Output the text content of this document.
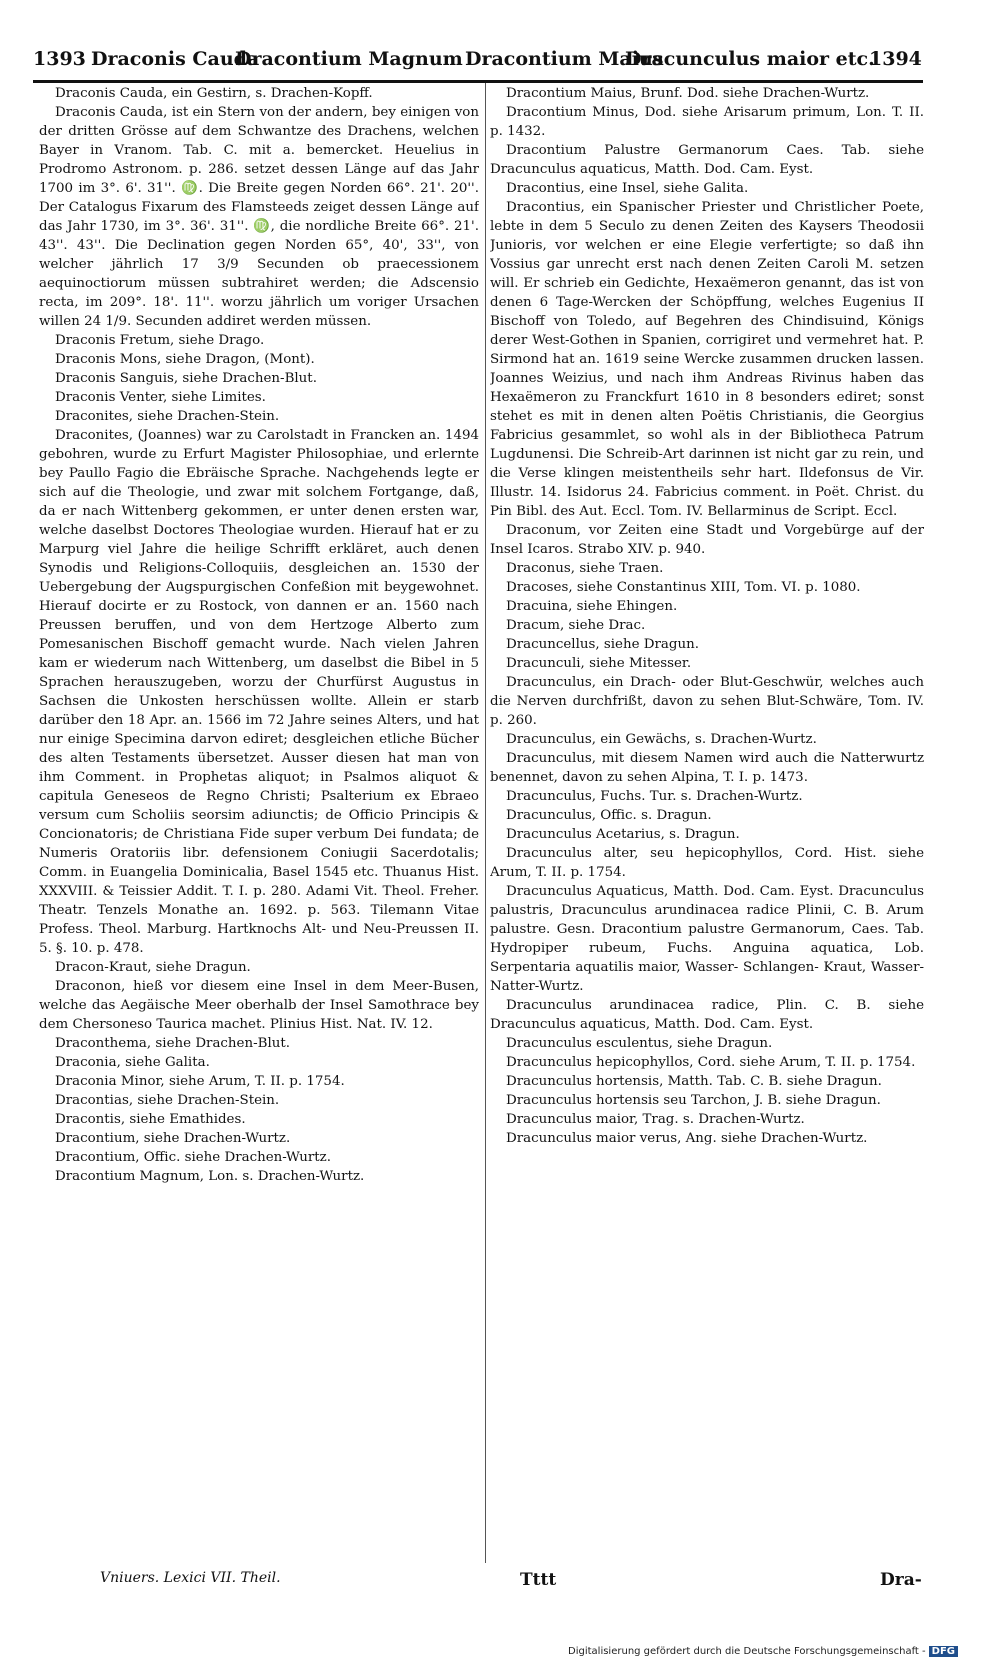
1393 Draconis Cauda
Dracontium Magnum Dracontium Maius
Dracunculus maior etc.
1394

Draconis Cauda, ein Gestirn, s. Drachen-Kopff.

Draconis Cauda, ist ein Stern von der andern, bey einigen von der dritten Grösse auf dem Schwantze des Drachens, welchen Bayer in Vranom. Tab. C. mit a. bemercket. Heuelius in Prodromo Astronom. p. 286. setzet dessen Länge auf das Jahr 1700 im 3°. 6'. 31''. ♍. Die Breite gegen Norden 66°. 21'. 20''. Der Catalogus Fixarum des Flamsteeds zeiget dessen Länge auf das Jahr 1730, im 3°. 36'. 31''. ♍, die nordliche Breite 66°. 21'. 43''. 43''. Die Declination gegen Norden 65°, 40', 33'', von welcher jährlich 17 3/9 Secunden ob praecessionem aequinoctiorum müssen subtrahiret werden; die Adscensio recta, im 209°. 18'. 11''. worzu jährlich um voriger Ursachen willen 24 1/9. Secunden addiret werden müssen.

Draconis Fretum, siehe Drago.

Draconis Mons, siehe Dragon, (Mont).

Draconis Sanguis, siehe Drachen-Blut.

Draconis Venter, siehe Limites.

Draconites, siehe Drachen-Stein.

Draconites, (Joannes) war zu Carolstadt in Francken an. 1494 gebohren, wurde zu Erfurt Magister Philosophiae, und erlernte bey Paullo Fagio die Ebräische Sprache. Nachgehends legte er sich auf die Theologie, und zwar mit solchem Fortgange, daß, da er nach Wittenberg gekommen, er unter denen ersten war, welche daselbst Doctores Theologiae wurden. Hierauf hat er zu Marpurg viel Jahre die heilige Schrifft erkläret, auch denen Synodis und Religions-Colloquiis, desgleichen an. 1530 der Uebergebung der Augspurgischen Confeßion mit beygewohnet. Hierauf docirte er zu Rostock, von dannen er an. 1560 nach Preussen beruffen, und von dem Hertzoge Alberto zum Pomesanischen Bischoff gemacht wurde. Nach vielen Jahren kam er wiederum nach Wittenberg, um daselbst die Bibel in 5 Sprachen herauszugeben, worzu der Churfürst Augustus in Sachsen die Unkosten herschüssen wollte. Allein er starb darüber den 18 Apr. an. 1566 im 72 Jahre seines Alters, und hat nur einige Specimina darvon ediret; desgleichen etliche Bücher des alten Testaments übersetzet. Ausser diesen hat man von ihm Comment. in Prophetas aliquot; in Psalmos aliquot & capitula Geneseos de Regno Christi; Psalterium ex Ebraeo versum cum Scholiis seorsim adiunctis; de Officio Principis & Concionatoris; de Christiana Fide super verbum Dei fundata; de Numeris Oratoriis libr. defensionem Coniugii Sacerdotalis; Comm. in Euangelia Dominicalia, Basel 1545 etc. Thuanus Hist. XXXVIII. & Teissier Addit. T. I. p. 280. Adami Vit. Theol. Freher. Theatr. Tenzels Monathe an. 1692. p. 563. Tilemann Vitae Profess. Theol. Marburg. Hartknochs Alt- und Neu-Preussen II. 5. §. 10. p. 478.

Dracon-Kraut, siehe Dragun.

Draconon, hieß vor diesem eine Insel in dem Meer-Busen, welche das Aegäische Meer oberhalb der Insel Samothrace bey dem Chersoneso Taurica machet. Plinius Hist. Nat. IV. 12.

Draconthema, siehe Drachen-Blut.

Draconia, siehe Galita.

Draconia Minor, siehe Arum, T. II. p. 1754.

Dracontias, siehe Drachen-Stein.

Dracontis, siehe Emathides.

Dracontium, siehe Drachen-Wurtz.

Dracontium, Offic. siehe Drachen-Wurtz.

Dracontium Magnum, Lon. s. Drachen-Wurtz.

Dracontium Maius, Brunf. Dod. siehe Drachen-Wurtz.

Dracontium Minus, Dod. siehe Arisarum primum, Lon. T. II. p. 1432.

Dracontium Palustre Germanorum Caes. Tab. siehe Dracunculus aquaticus, Matth. Dod. Cam. Eyst.

Dracontius, eine Insel, siehe Galita.

Dracontius, ein Spanischer Priester und Christlicher Poete, lebte in dem 5 Seculo zu denen Zeiten des Kaysers Theodosii Junioris, vor welchen er eine Elegie verfertigte; so daß ihn Vossius gar unrecht erst nach denen Zeiten Caroli M. setzen will. Er schrieb ein Gedichte, Hexaëmeron genannt, das ist von denen 6 Tage-Wercken der Schöpffung, welches Eugenius II Bischoff von Toledo, auf Begehren des Chindisuind, Königs derer West-Gothen in Spanien, corrigiret und vermehret hat. P. Sirmond hat an. 1619 seine Wercke zusammen drucken lassen. Joannes Weizius, und nach ihm Andreas Rivinus haben das Hexaëmeron zu Franckfurt 1610 in 8 besonders ediret; sonst stehet es mit in denen alten Poëtis Christianis, die Georgius Fabricius gesammlet, so wohl als in der Bibliotheca Patrum Lugdunensi. Die Schreib-Art darinnen ist nicht gar zu rein, und die Verse klingen meistentheils sehr hart. Ildefonsus de Vir. Illustr. 14. Isidorus 24. Fabricius comment. in Poët. Christ. du Pin Bibl. des Aut. Eccl. Tom. IV. Bellarminus de Script. Eccl.

Draconum, vor Zeiten eine Stadt und Vorgebürge auf der Insel Icaros. Strabo XIV. p. 940.

Draconus, siehe Traen.

Dracoses, siehe Constantinus XIII, Tom. VI. p. 1080.

Dracuina, siehe Ehingen.

Dracum, siehe Drac.

Dracuncellus, siehe Dragun.

Dracunculi, siehe Mitesser.

Dracunculus, ein Drach- oder Blut-Geschwür, welches auch die Nerven durchfrißt, davon zu sehen Blut-Schwäre, Tom. IV. p. 260.

Dracunculus, ein Gewächs, s. Drachen-Wurtz.

Dracunculus, mit diesem Namen wird auch die Natterwurtz benennet, davon zu sehen Alpina, T. I. p. 1473.

Dracunculus, Fuchs. Tur. s. Drachen-Wurtz.

Dracunculus, Offic. s. Dragun.

Dracunculus Acetarius, s. Dragun.

Dracunculus alter, seu hepicophyllos, Cord. Hist. siehe Arum, T. II. p. 1754.

Dracunculus Aquaticus, Matth. Dod. Cam. Eyst. Dracunculus palustris, Dracunculus arundinacea radice Plinii, C. B. Arum palustre. Gesn. Dracontium palustre Germanorum, Caes. Tab. Hydropiper rubeum, Fuchs. Anguina aquatica, Lob. Serpentaria aquatilis maior, Wasser- Schlangen- Kraut, Wasser-Natter-Wurtz.

Dracunculus arundinacea radice, Plin. C. B. siehe Dracunculus aquaticus, Matth. Dod. Cam. Eyst.

Dracunculus esculentus, siehe Dragun.

Dracunculus hepicophyllos, Cord. siehe Arum, T. II. p. 1754.

Dracunculus hortensis, Matth. Tab. C. B. siehe Dragun.

Dracunculus hortensis seu Tarchon, J. B. siehe Dragun.

Dracunculus maior, Trag. s. Drachen-Wurtz.

Dracunculus maior verus, Ang. siehe Drachen-Wurtz.

Vniuers. Lexici VII. Theil.	Tttt	Dra-
Digitalisierung gefördert durch die Deutsche Forschungsgemeinschaft - DFG
